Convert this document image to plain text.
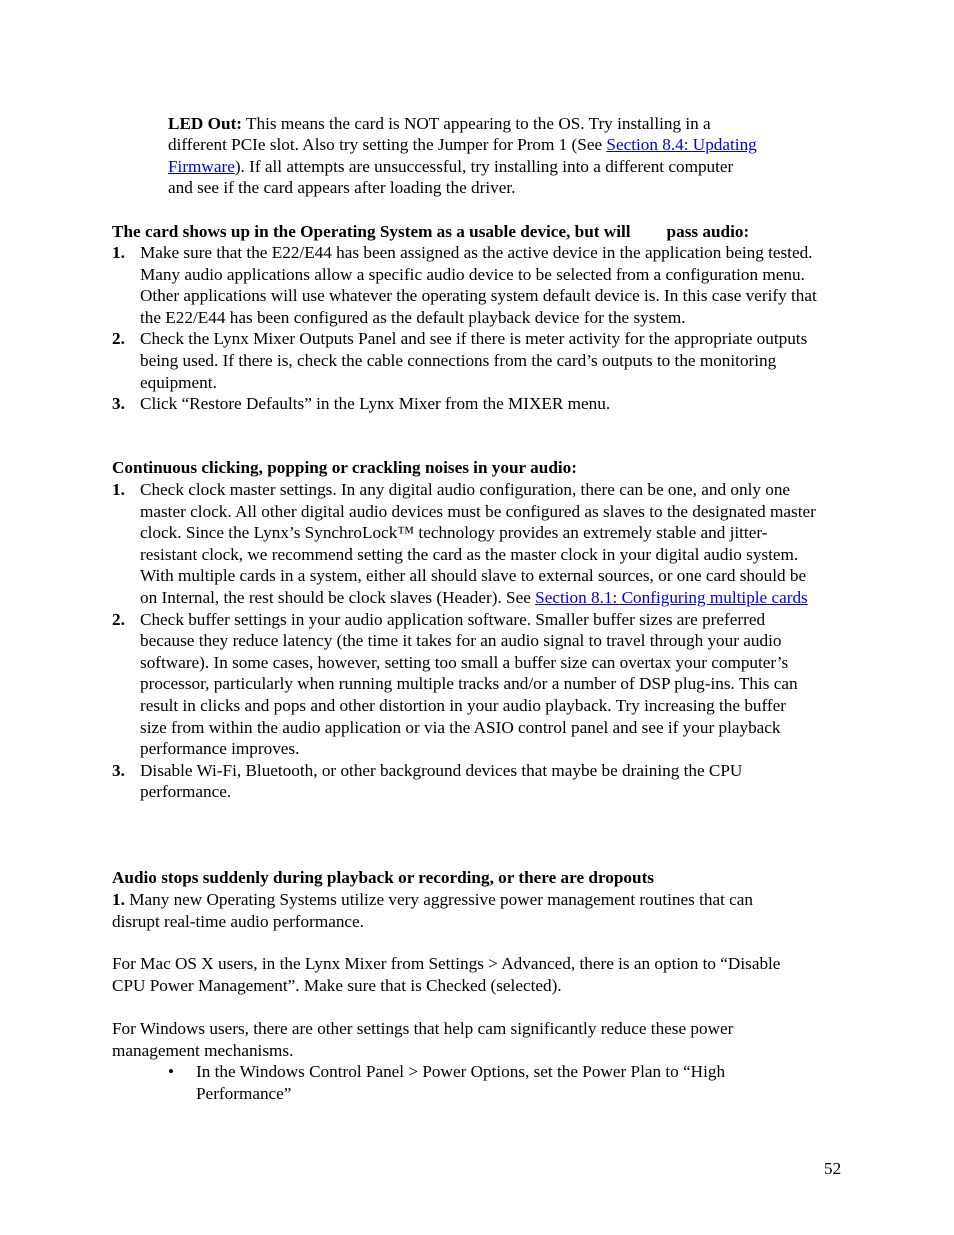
LED Out: This means the card is NOT appearing to the OS. Try installing in a
different PCIe slot. Also try setting the Jumper for Prom 1 (See Section 8.4: Updating
Firmware). If all attempts are unsuccessful, try installing into a different computer
and see if the card appears after loading the driver.
The card shows up in the Operating System as a usable device, but will pass audio:
1. Make sure that the E22/E44 has been assigned as the active device in the application being tested. Many audio applications allow a specific audio device to be selected from a configuration menu. Other applications will use whatever the operating system default device is. In this case verify that the E22/E44 has been configured as the default playback device for the system.
2. Check the Lynx Mixer Outputs Panel and see if there is meter activity for the appropriate outputs being used. If there is, check the cable connections from the card’s outputs to the monitoring equipment.
3. Click “Restore Defaults” in the Lynx Mixer from the MIXER menu.
Continuous clicking, popping or crackling noises in your audio:
1. Check clock master settings. In any digital audio configuration, there can be one, and only one master clock. All other digital audio devices must be configured as slaves to the designated master clock. Since the Lynx’s SynchroLock™ technology provides an extremely stable and jitter-resistant clock, we recommend setting the card as the master clock in your digital audio system. With multiple cards in a system, either all should slave to external sources, or one card should be on Internal, the rest should be clock slaves (Header). See Section 8.1: Configuring multiple cards
2. Check buffer settings in your audio application software. Smaller buffer sizes are preferred because they reduce latency (the time it takes for an audio signal to travel through your audio software). In some cases, however, setting too small a buffer size can overtax your computer’s processor, particularly when running multiple tracks and/or a number of DSP plug-ins. This can result in clicks and pops and other distortion in your audio playback. Try increasing the buffer size from within the audio application or via the ASIO control panel and see if your playback performance improves.
3. Disable Wi-Fi, Bluetooth, or other background devices that maybe be draining the CPU performance.
Audio stops suddenly during playback or recording, or there are dropouts
1. Many new Operating Systems utilize very aggressive power management routines that can disrupt real-time audio performance.
For Mac OS X users, in the Lynx Mixer from Settings > Advanced, there is an option to “Disable CPU Power Management”. Make sure that is Checked (selected).
For Windows users, there are other settings that help cam significantly reduce these power management mechanisms.
•	In the Windows Control Panel > Power Options, set the Power Plan to “High Performance”
52
